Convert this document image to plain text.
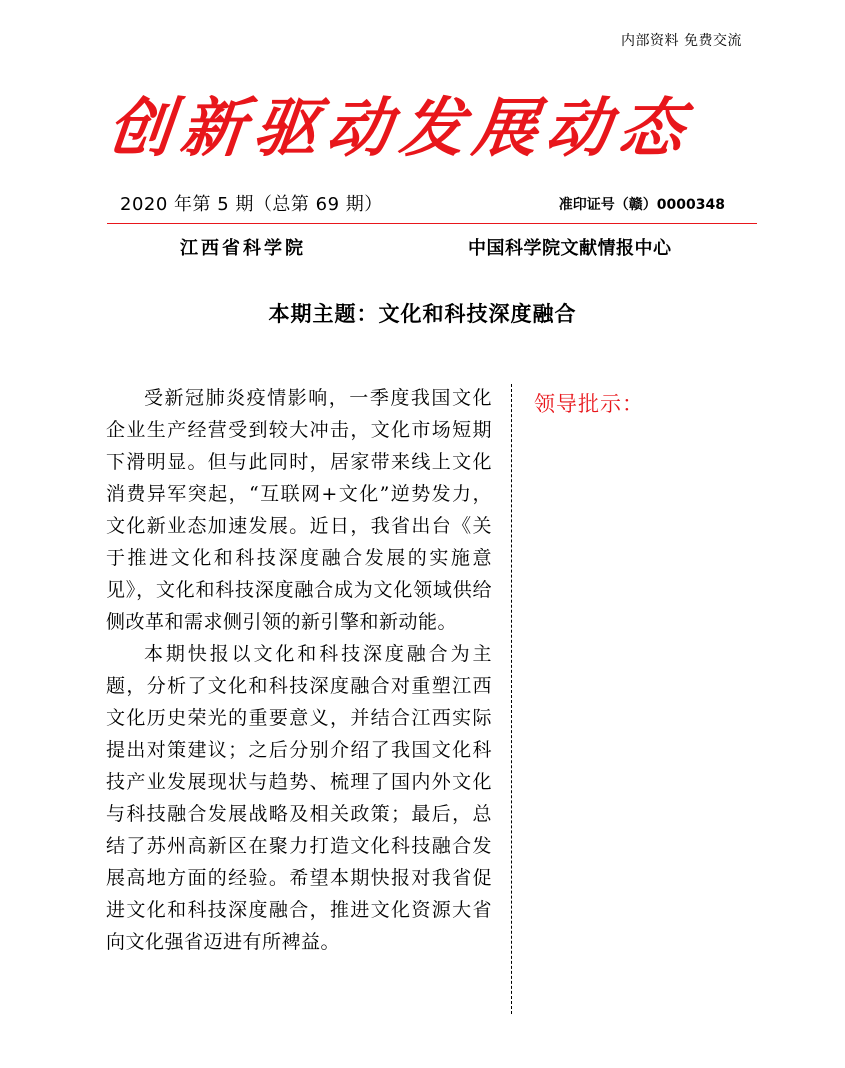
内部资料 免费交流
创新驱动发展动态
2020 年第 5 期（总第 69 期）	准印证号（赣）0000348
江西省科学院	中国科学院文献情报中心
本期主题：文化和科技深度融合

受新冠肺炎疫情影响，一季度我国文化企业生产经营受到较大冲击，文化市场短期下滑明显。但与此同时，居家带来线上文化消费异军突起，“互联网+文化”逆势发力，文化新业态加速发展。近日，我省出台《关于推进文化和科技深度融合发展的实施意见》，文化和科技深度融合成为文化领域供给侧改革和需求侧引领的新引擎和新动能。

本期快报以文化和科技深度融合为主题，分析了文化和科技深度融合对重塑江西文化历史荣光的重要意义，并结合江西实际提出对策建议；之后分别介绍了我国文化科技产业发展现状与趋势、梳理了国内外文化与科技融合发展战略及相关政策；最后，总结了苏州高新区在聚力打造文化科技融合发展高地方面的经验。希望本期快报对我省促进文化和科技深度融合，推进文化资源大省向文化强省迈进有所裨益。

领导批示：
